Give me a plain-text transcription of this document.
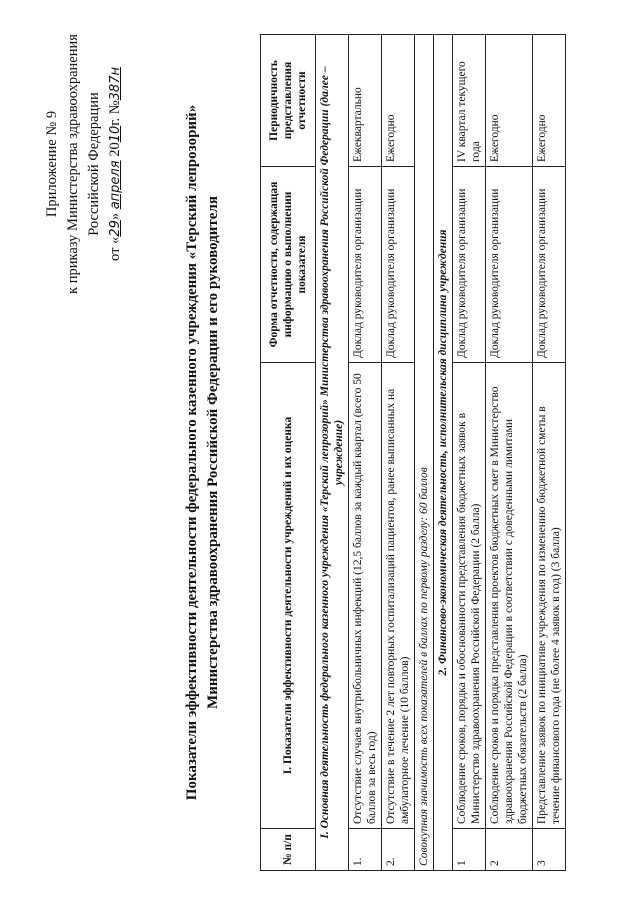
Приложение № 9 к приказу Министерства здравоохранения Российской Федерации
от «29» апреля 2010г. №387н
Показатели эффективности деятельности федерального казенного учреждения «Терский лепрозорий» Министерства здравоохранения Российской Федерации и его руководителя
№ п/п	I. Показатели эффективности деятельности учреждений и их оценка	Форма отчетности, содержащая информацию о выполнении показателя	Периодичность представления отчетности
I. Основная деятельность федерального казенного учреждения «Терский лепрозорий» Министерства здравоохранения Российской Федерации (далее – учреждение)			
1.	Отсутствие случаев внутрибольничных инфекций (12,5 баллов за каждый квартал (всего 50 баллов за весь год)	Доклад руководителя организации	Ежеквартально
2.	Отсутствие в течение 2 лет повторных госпитализаций пациентов, ранее выписанных на амбулаторное лечение (10 баллов)	Доклад руководителя организации	Ежегодно
Совокупная значимость всех показателей в баллах по первому разделу: 60 баллов			
2. Финансово-экономическая деятельность, исполнительская дисциплина учреждения			
1	Соблюдение сроков, порядка и обоснованности представления бюджетных заявок в Министерство здравоохранения Российской Федерации (2 балла)	Доклад руководителя организации	IV квартал текущего года
2	Соблюдение сроков и порядка представления проектов бюджетных смет в Министерство здравоохранения Российской Федерации в соответствии с доведенными лимитами бюджетных обязательств (2 балла)	Доклад руководителя организации	Ежегодно
3	Представление заявок по инициативе учреждения по изменению бюджетной сметы в течение финансового года (не более 4 заявок в год) (3 балла)	Доклад руководителя организации	Ежегодно
